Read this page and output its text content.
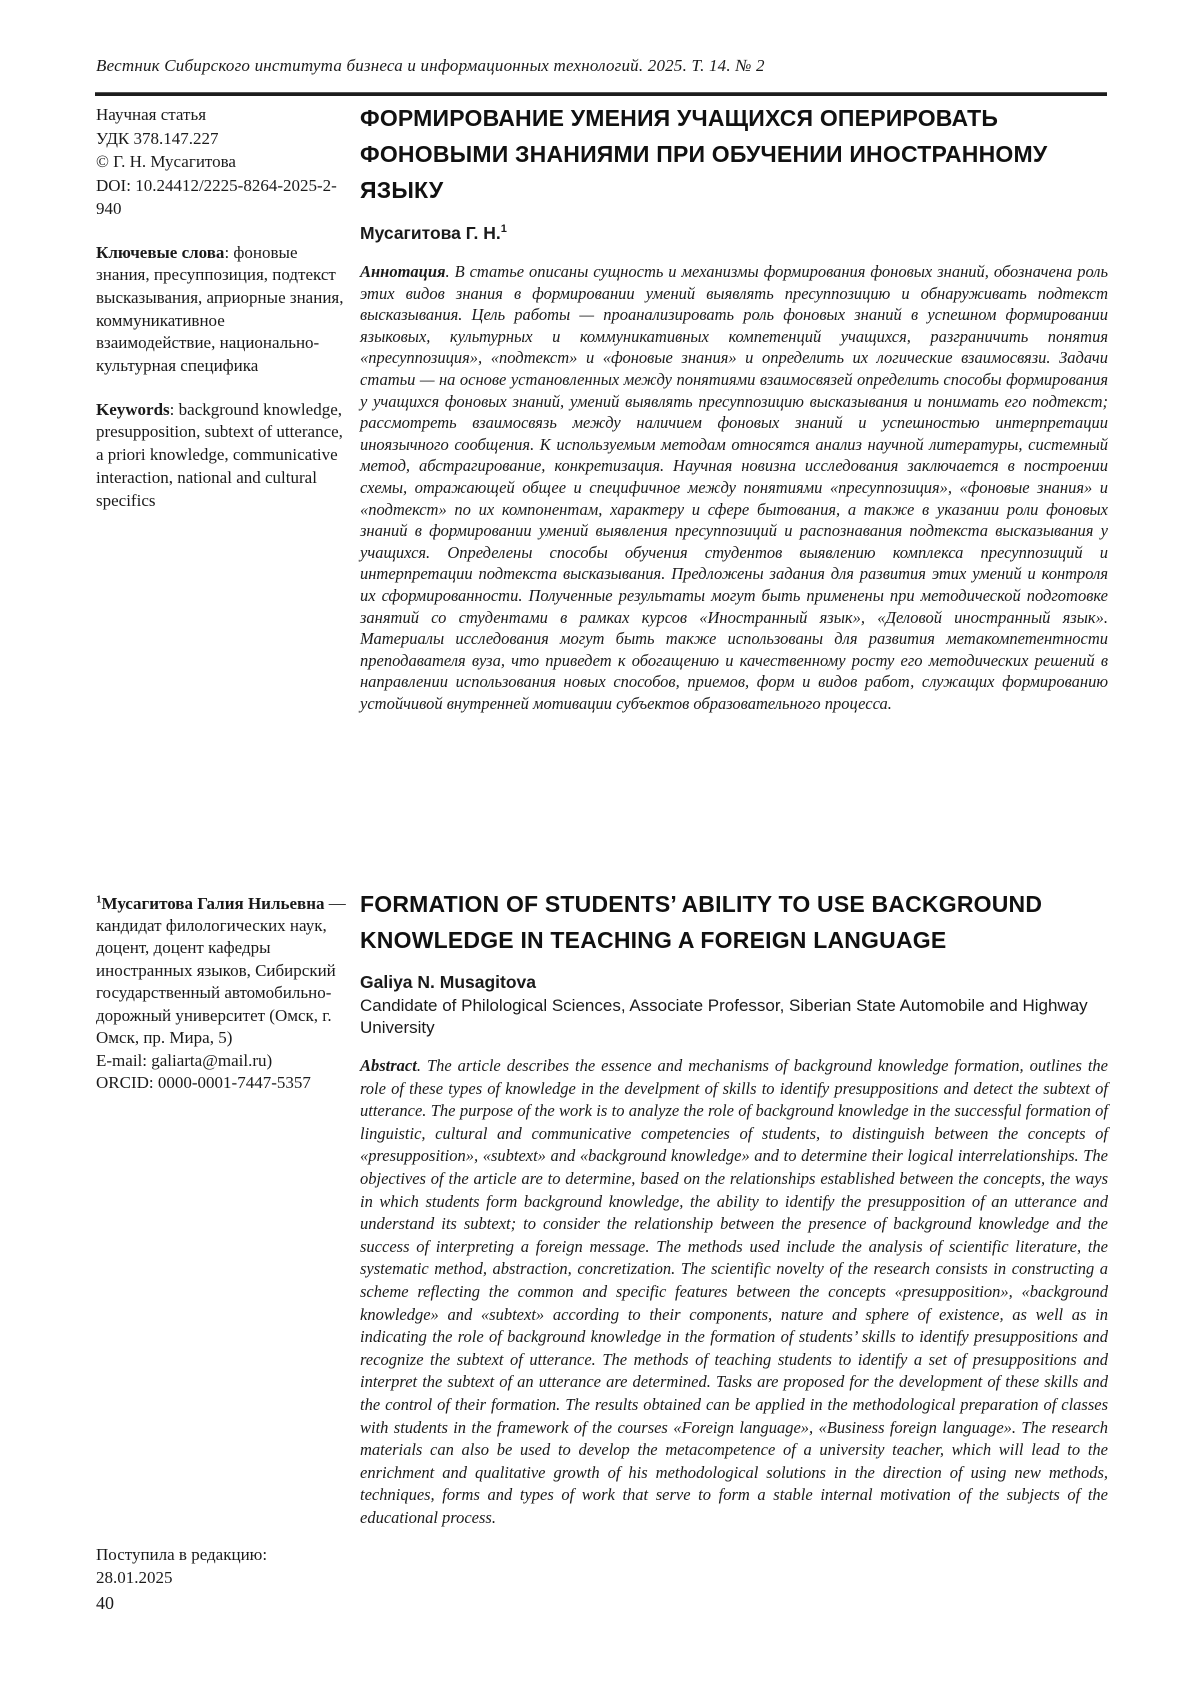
Вестник Сибирского института бизнеса и информационных технологий. 2025. Т. 14. № 2

Научная статья

УДК 378.147.227

© Г. Н. Мусагитова

DOI: 10.24412/2225-8264-2025-2-940

Ключевые слова: фоновые знания, пресуппозиция, подтекст высказывания, априорные знания, коммуникативное взаимодействие, национально-культурная специфика

Keywords: background knowledge, presupposition, subtext of utterance, a priori knowledge, communicative interaction, national and cultural specifics

ФОРМИРОВАНИЕ УМЕНИЯ УЧАЩИХСЯ ОПЕРИРОВАТЬ ФОНОВЫМИ ЗНАНИЯМИ ПРИ ОБУЧЕНИИ ИНОСТРАННОМУ ЯЗЫКУ

Мусагитова Г. Н.$^1$

Аннотация. В статье описаны сущность и механизмы формирования фоновых знаний, обозначена роль этих видов знания в формировании умений выявлять пресуппозицию и обнаруживать подтекст высказывания. Цель работы — проанализировать роль фоновых знаний в успешном формировании языковых, культурных и коммуникативных компетенций учащихся, разграничить понятия «пресуппозиция», «подтекст» и «фоновые знания» и определить их логические взаимосвязи. Задачи статьи — на основе установленных между понятиями взаимосвязей определить способы формирования у учащихся фоновых знаний, умений выявлять пресуппозицию высказывания и понимать его подтекст; рассмотреть взаимосвязь между наличием фоновых знаний и успешностью интерпретации иноязычного сообщения. К используемым методам относятся анализ научной литературы, системный метод, абстрагирование, конкретизация. Научная новизна исследования заключается в построении схемы, отражающей общее и специфичное между понятиями «пресуппозиция», «фоновые знания» и «подтекст» по их компонентам, характеру и сфере бытования, а также в указании роли фоновых знаний в формировании умений выявления пресуппозиций и распознавания подтекста высказывания у учащихся. Определены способы обучения студентов выявлению комплекса пресуппозиций и интерпретации подтекста высказывания. Предложены задания для развития этих умений и контроля их сформированности. Полученные результаты могут быть применены при методической подготовке занятий со студентами в рамках курсов «Иностранный язык», «Деловой иностранный язык». Материалы исследования могут быть также использованы для развития метакомпетентности преподавателя вуза, что приведет к обогащению и качественному росту его методических решений в направлении использования новых способов, приемов, форм и видов работ, служащих формированию устойчивой внутренней мотивации субъектов образовательного процесса.

$^1$Мусагитова Галия Нильевна — кандидат филологических наук, доцент, доцент кафедры иностранных языков, Сибирский государственный автомобильно-дорожный университет (Омск, г. Омск, пр. Мира, 5)

E-mail: galiarta@mail.ru)

ORCID: 0000-0001-7447-5357

FORMATION OF STUDENTS’ ABILITY TO USE BACKGROUND KNOWLEDGE IN TEACHING A FOREIGN LANGUAGE

Galiya N. Musagitova

Candidate of Philological Sciences, Associate Professor, Siberian State Automobile and Highway University

Abstract. The article describes the essence and mechanisms of background knowledge formation, outlines the role of these types of knowledge in the develpment of skills to identify presuppositions and detect the subtext of utterance. The purpose of the work is to analyze the role of background knowledge in the successful formation of linguistic, cultural and communicative competencies of students, to distinguish between the concepts of «presupposition», «subtext» and «background knowledge» and to determine their logical interrelationships. The objectives of the article are to determine, based on the relationships established between the concepts, the ways in which students form background knowledge, the ability to identify the presupposition of an utterance and understand its subtext; to consider the relationship between the presence of background knowledge and the success of interpreting a foreign message. The methods used include the analysis of scientific literature, the systematic method, abstraction, concretization. The scientific novelty of the research consists in constructing a scheme reflecting the common and specific features between the concepts «presupposition», «background knowledge» and «subtext» according to their components, nature and sphere of existence, as well as in indicating the role of background knowledge in the formation of students’ skills to identify presuppositions and recognize the subtext of utterance. The methods of teaching students to identify a set of presuppositions and interpret the subtext of an utterance are determined. Tasks are proposed for the development of these skills and the control of their formation. The results obtained can be applied in the methodological preparation of classes with students in the framework of the courses «Foreign language», «Business foreign language». The research materials can also be used to develop the metacompetence of a university teacher, which will lead to the enrichment and qualitative growth of his methodological solutions in the direction of using new methods, techniques, forms and types of work that serve to form a stable internal motivation of the subjects of the educational process.

Поступила в редакцию:
28.01.2025
40
